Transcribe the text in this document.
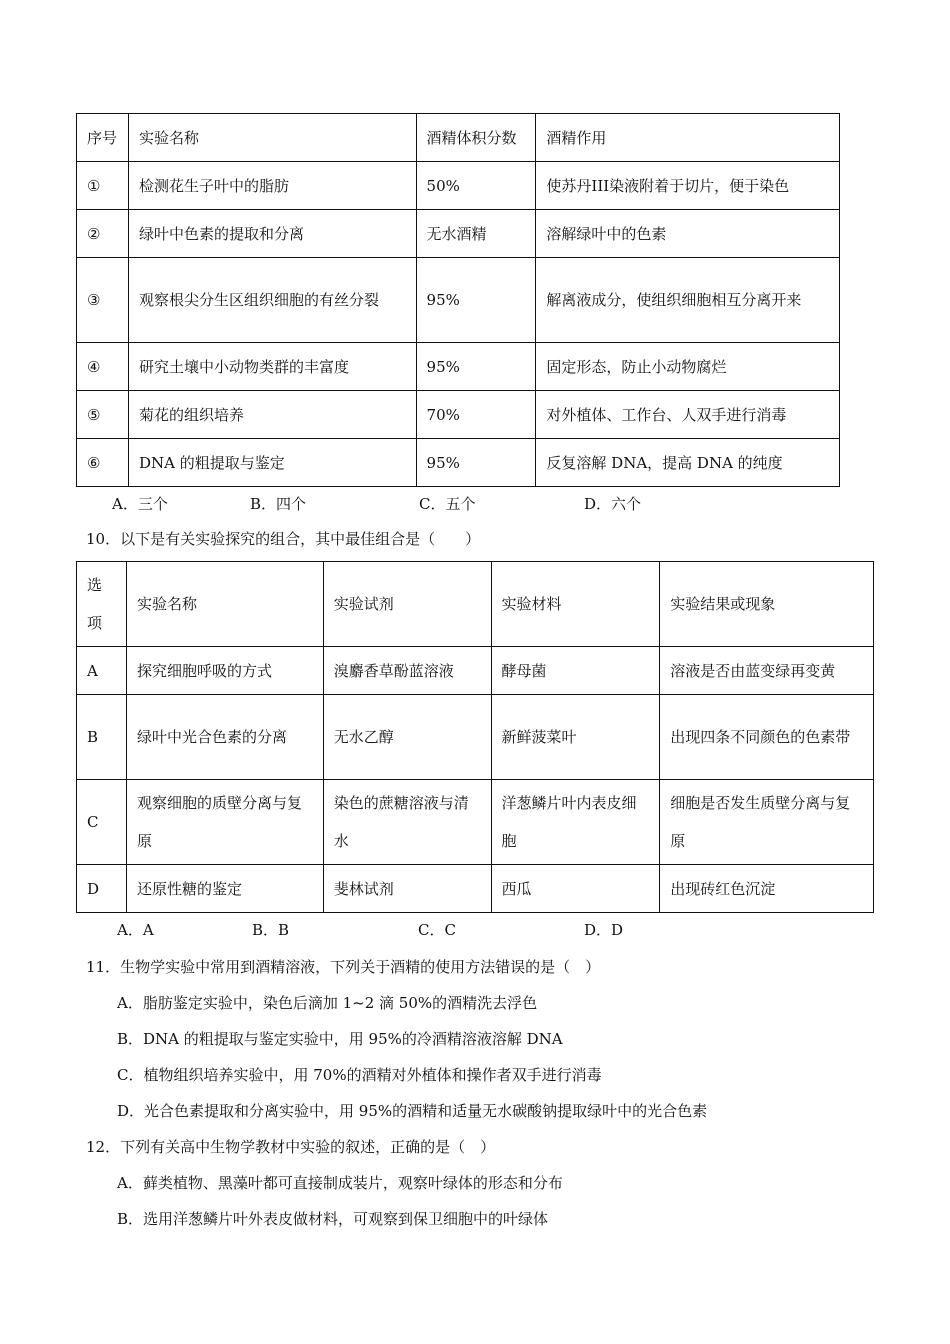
序号	实验名称	酒精体积分数	酒精作用
①	检测花生子叶中的脂肪	50%	使苏丹III染液附着于切片，便于染色
②	绿叶中色素的提取和分离	无水酒精	溶解绿叶中的色素
③	观察根尖分生区组织细胞的有丝分裂	95%	解离液成分，使组织细胞相互分离开来
④	研究土壤中小动物类群的丰富度	95%	固定形态，防止小动物腐烂
⑤	菊花的组织培养	70%	对外植体、工作台、人双手进行消毒
⑥	DNA 的粗提取与鉴定	95%	反复溶解 DNA，提高 DNA 的纯度
A．三个	B．四个	C．五个	D．六个
10．以下是有关实验探究的组合，其中最佳组合是（　　）
选项	实验名称	实验试剂	实验材料	实验结果或现象
A	探究细胞呼吸的方式	溴麝香草酚蓝溶液	酵母菌	溶液是否由蓝变绿再变黄
B	绿叶中光合色素的分离	无水乙醇	新鲜菠菜叶	出现四条不同颜色的色素带
C	观察细胞的质壁分离与复原	染色的蔗糖溶液与清水	洋葱鳞片叶内表皮细胞	细胞是否发生质壁分离与复原
D	还原性糖的鉴定	斐林试剂	西瓜	出现砖红色沉淀
A．A	B．B	C．C	D．D
11．生物学实验中常用到酒精溶液，下列关于酒精的使用方法错误的是（　）
A．脂肪鉴定实验中，染色后滴加 1~2 滴 50%的酒精洗去浮色
B．DNA 的粗提取与鉴定实验中，用 95%的冷酒精溶液溶解 DNA
C．植物组织培养实验中，用 70%的酒精对外植体和操作者双手进行消毒
D．光合色素提取和分离实验中，用 95%的酒精和适量无水碳酸钠提取绿叶中的光合色素
12．下列有关高中生物学教材中实验的叙述，正确的是（　）
A．藓类植物、黑藻叶都可直接制成装片，观察叶绿体的形态和分布
B．选用洋葱鳞片叶外表皮做材料，可观察到保卫细胞中的叶绿体
